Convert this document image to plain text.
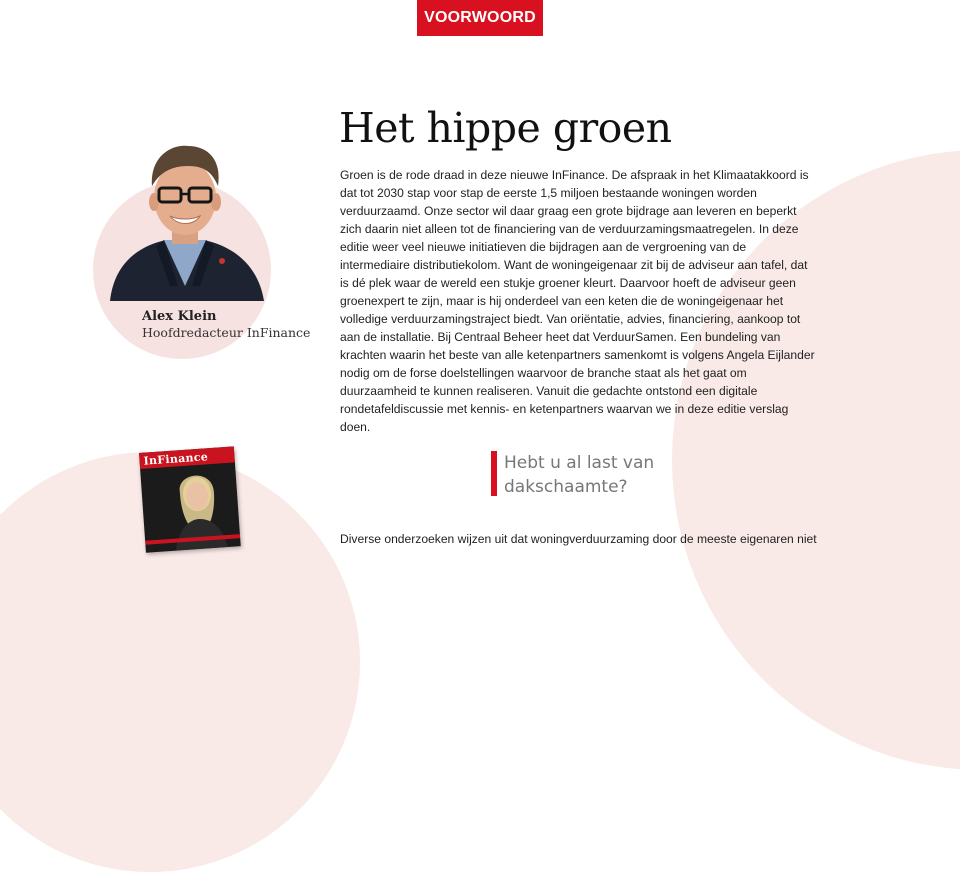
VOORWOORD
Alex Klein
Hoofdredacteur InFinance
Het hippe groen

Groen is de rode draad in deze nieuwe InFinance. De afspraak in het Klimaatakkoord is dat tot 2030 stap voor stap de eerste 1,5 miljoen bestaande woningen worden verduurzaamd. Onze sector wil daar graag een grote bijdrage aan leveren en beperkt zich daarin niet alleen tot de financiering van de verduurzamingsmaatregelen. In deze editie weer veel nieuwe initiatieven die bijdragen aan de vergroening van de intermediaire distributiekolom. Want de woningeigenaar zit bij de adviseur aan tafel, dat is dé plek waar de wereld een stukje groener kleurt. Daarvoor hoeft de adviseur geen groenexpert te zijn, maar is hij onderdeel van een keten die de woningeigenaar het volledige verduurzamingstraject biedt. Van oriëntatie, advies, financiering, aankoop tot aan de installatie. Bij Centraal Beheer heet dat VerduurSamen. Een bundeling van krachten waarin het beste van alle ketenpartners samenkomt is volgens Angela Eijlander nodig om de forse doelstellingen waarvoor de branche staat als het gaat om duurzaamheid te kunnen realiseren. Vanuit die gedachte ontstond een digitale rondetafeldiscussie met kennis- en ketenpartners waarvan we in deze editie verslag doen.

Hebt u al last van dakschaamte?

InFinance

Diverse onderzoeken wijzen uit dat woningverduurzaming door de meeste eigenaren niet
